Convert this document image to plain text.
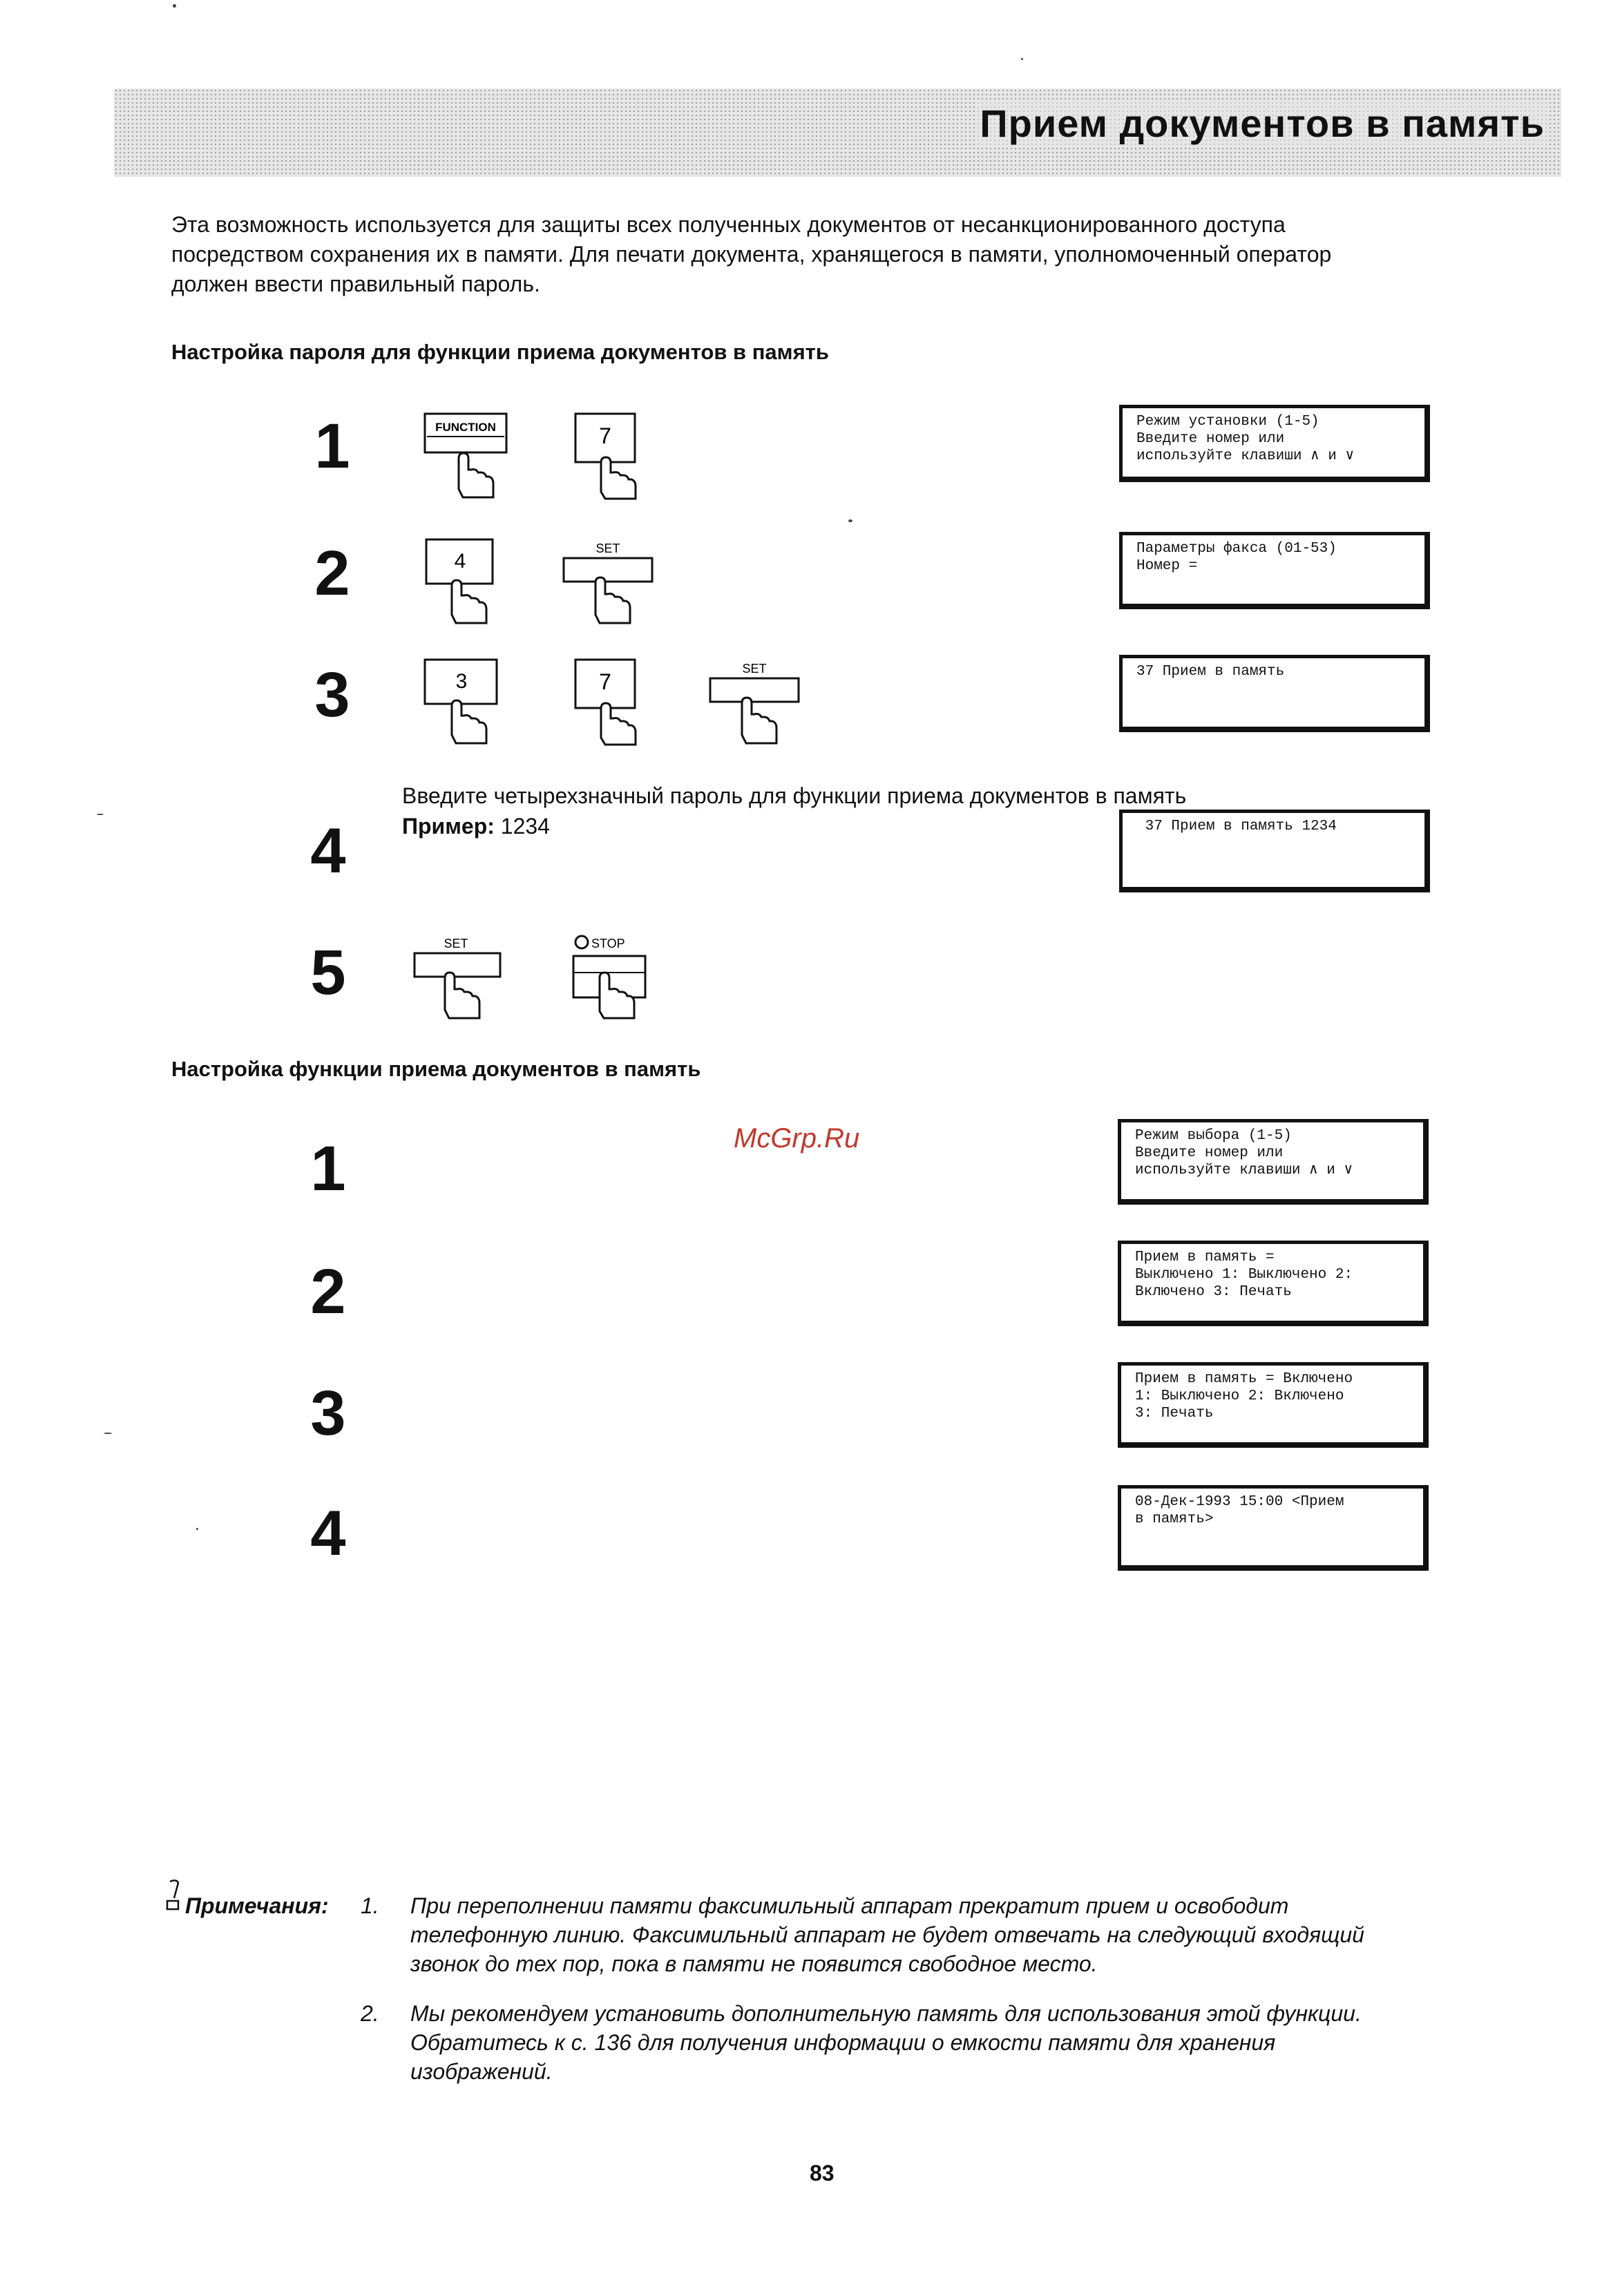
Прием документов в память
Эта возможность используется для защиты всех полученных документов от несанкционированного доступа
посредством сохранения их в памяти. Для печати документа, хранящегося в памяти, уполномоченный оператор
должен ввести правильный пароль.
Настройка пароля для функции приема документов в память
1	FUNCTION	7
Режим установки (1-5)
Введите номер или
используйте клавиши ∧ и ∨
2	4
SET	Параметры факса (01-53)
Номер =
3	3	7
SET	37 Прием в память
Введите четырехзначный пароль для функции приема документов в память
Пример: 1234
4	37 Прием в память 1234
5	SET	STOP
Настройка функции приема документов в память
McGrp.Ru
1	Режим выбора (1-5)
Введите номер или
используйте клавиши ∧ и ∨
2	Прием в память =
Выключено 1: Выключено 2:
Включено 3: Печать
3	Прием в память = Включено
1: Выключено 2: Включено
3: Печать
4	08-Дек-1993 15:00 <Прием
в память>
Примечания: 1. При переполнении памяти факсимильный аппарат прекратит прием и освободит
телефонную линию. Факсимильный аппарат не будет отвечать на следующий входящий
звонок до тех пор, пока в памяти не появится свободное место.
2. Мы рекомендуем установить дополнительную память для использования этой функции.
Обратитесь к с. 136 для получения информации о емкости памяти для хранения
изображений.
83
